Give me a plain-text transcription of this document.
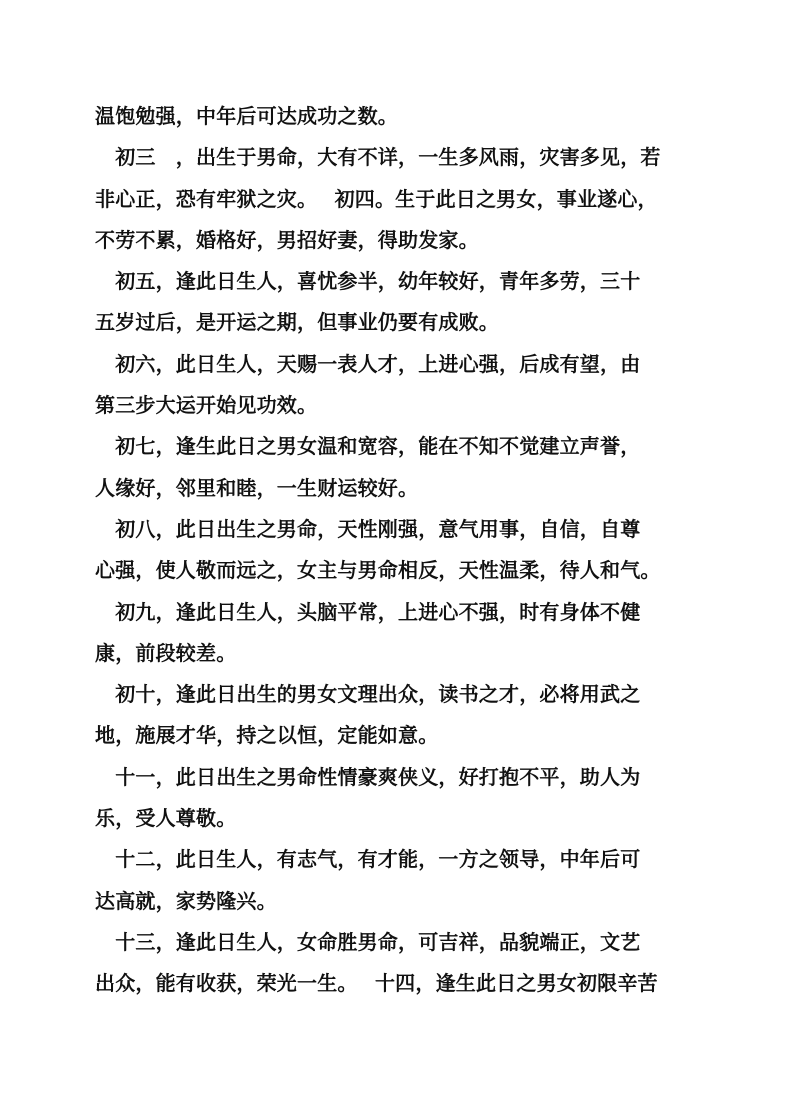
温饱勉强，中年后可达成功之数。
　初三　，出生于男命，大有不详，一生多风雨，灾害多见，若
非心正，恐有牢狱之灾。　 初四。生于此日之男女，事业遂心，
不劳不累，婚格好，男招好妻，得助发家。
　初五，逢此日生人，喜忧参半，幼年较好，青年多劳，三十
五岁过后，是开运之期，但事业仍要有成败。
　初六，此日生人，天赐一表人才，上进心强，后成有望，由
第三步大运开始见功效。
　初七，逢生此日之男女温和宽容，能在不知不觉建立声誉，
人缘好，邻里和睦，一生财运较好。
　初八，此日出生之男命，天性刚强，意气用事，自信，自尊
心强，使人敬而远之，女主与男命相反，天性温柔，待人和气。
　初九，逢此日生人，头脑平常，上进心不强，时有身体不健
康，前段较差。
　初十，逢此日出生的男女文理出众，读书之才，必将用武之
地，施展才华，持之以恒，定能如意。
　十一，此日出生之男命性情豪爽侠义，好打抱不平，助人为
乐，受人尊敬。
　十二，此日生人，有志气，有才能，一方之领导，中年后可
达高就，家势隆兴。
　十三，逢此日生人，女命胜男命，可吉祥，品貌端正，文艺
出众，能有收获，荣光一生。　 十四，逢生此日之男女初限辛苦
